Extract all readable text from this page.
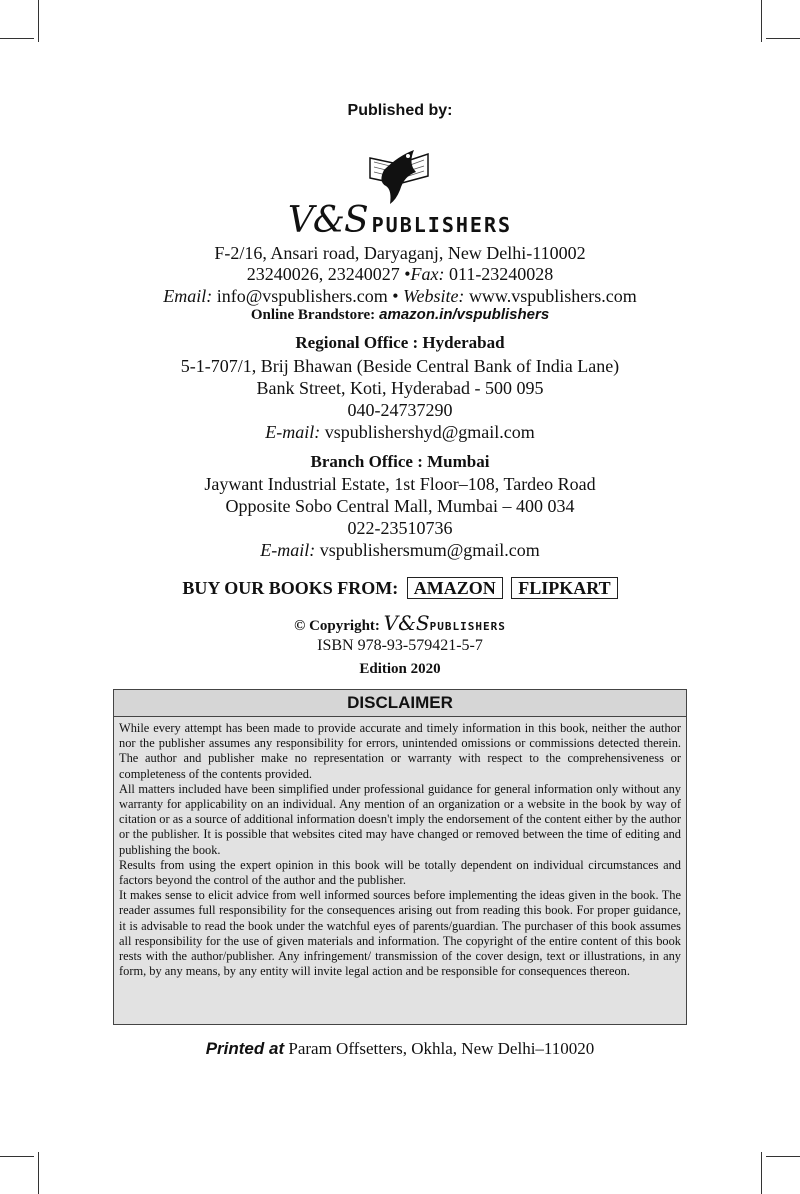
Published by:
V&S PUBLISHERS
F-2/16, Ansari road, Daryaganj, New Delhi-110002
23240026, 23240027 •Fax: 011-23240028
Email: info@vspublishers.com • Website: www.vspublishers.com
Online Brandstore: amazon.in/vspublishers
Regional Office : Hyderabad
5-1-707/1, Brij Bhawan (Beside Central Bank of India Lane)
Bank Street, Koti, Hyderabad - 500 095
040-24737290
E-mail: vspublishershyd@gmail.com
Branch Office : Mumbai
Jaywant Industrial Estate, 1st Floor–108, Tardeo Road
Opposite Sobo Central Mall, Mumbai – 400 034
022-23510736
E-mail: vspublishersmum@gmail.com
BUY OUR BOOKS FROM: AMAZON FLIPKART
© Copyright: V&SPUBLISHERS
ISBN 978-93-579421-5-7
Edition 2020
DISCLAIMER

While every attempt has been made to provide accurate and timely information in this book, neither the author nor the publisher assumes any responsibility for errors, unintended omissions or commissions detected therein. The author and publisher make no representation or warranty with respect to the comprehensiveness or completeness of the contents provided.

All matters included have been simplified under professional guidance for general information only without any warranty for applicability on an individual. Any mention of an organization or a website in the book by way of citation or as a source of additional information doesn't imply the endorsement of the content either by the author or the publisher. It is possible that websites cited may have changed or removed between the time of editing and publishing the book.

Results from using the expert opinion in this book will be totally dependent on individual circumstances and factors beyond the control of the author and the publisher.

It makes sense to elicit advice from well informed sources before implementing the ideas given in the book. The reader assumes full responsibility for the consequences arising out from reading this book. For proper guidance, it is advisable to read the book under the watchful eyes of parents/guardian. The purchaser of this book assumes all responsibility for the use of given materials and information. The copyright of the entire content of this book rests with the author/publisher. Any infringement/ transmission of the cover design, text or illustrations, in any form, by any means, by any entity will invite legal action and be responsible for consequences thereon.

Printed at Param Offsetters, Okhla, New Delhi–110020
